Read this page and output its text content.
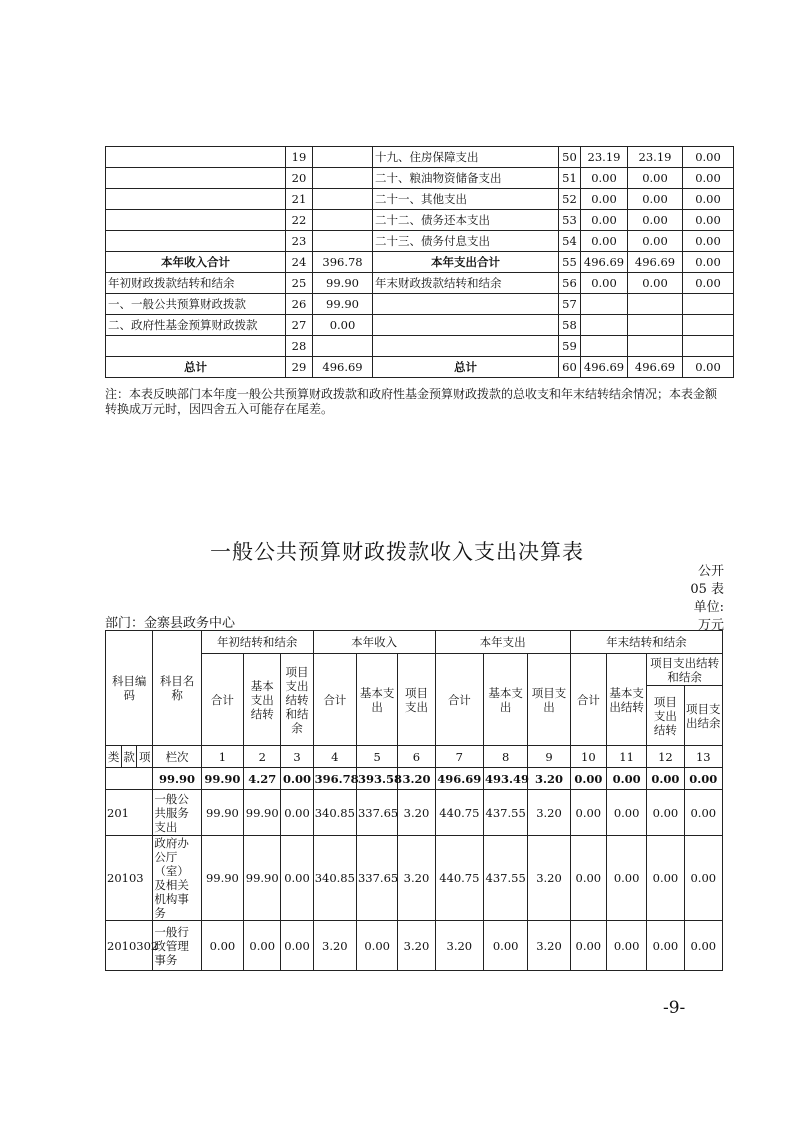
	19		十九、住房保障支出	50	23.19	23.19	0.00
	20		二十、粮油物资储备支出	51	0.00	0.00	0.00
	21		二十一、其他支出	52	0.00	0.00	0.00
	22		二十二、债务还本支出	53	0.00	0.00	0.00
	23		二十三、债务付息支出	54	0.00	0.00	0.00
本年收入合计	24	396.78	本年支出合计	55	496.69	496.69	0.00
年初财政拨款结转和结余	25	99.90	年末财政拨款结转和结余	56	0.00	0.00	0.00
一、一般公共预算财政拨款	26	99.90		57			
二、政府性基金预算财政拨款	27	0.00		58			
	28			59			
总计	29	496.69	总计	60	496.69	496.69	0.00
注：本表反映部门本年度一般公共预算财政拨款和政府性基金预算财政拨款的总收支和年末结转结余情况；本表金额转换成万元时，因四舍五入可能存在尾差。
一般公共预算财政拨款收入支出决算表
公开
05 表
单位:
万元
部门：金寨县政务中心
科目编码			科目名称	年初结转和结余			本年收入			本年支出			年末结转和结余			
				合计	基本支出结转	项目支出结转和结余	合计	基本支出	项目支出	合计	基本支出	项目支出	合计	基本支出结转	项目支出结转和结余	
															项目支出结转	项目支出结余
类	款	项	栏次	1	2	3	4	5	6	7	8	9	10	11	12	13
			99.90	99.90	4.27	0.00	396.78	393.58	3.20	496.69	493.49	3.20	0.00	0.00	0.00	0.00
201			一般公共服务支出	99.90	99.90	0.00	340.85	337.65	3.20	440.75	437.55	3.20	0.00	0.00	0.00	0.00
20103			政府办公厅（室）及相关机构事务	99.90	99.90	0.00	340.85	337.65	3.20	440.75	437.55	3.20	0.00	0.00	0.00	0.00
2010302			一般行政管理事务	0.00	0.00	0.00	3.20	0.00	3.20	3.20	0.00	3.20	0.00	0.00	0.00	0.00
-9-
